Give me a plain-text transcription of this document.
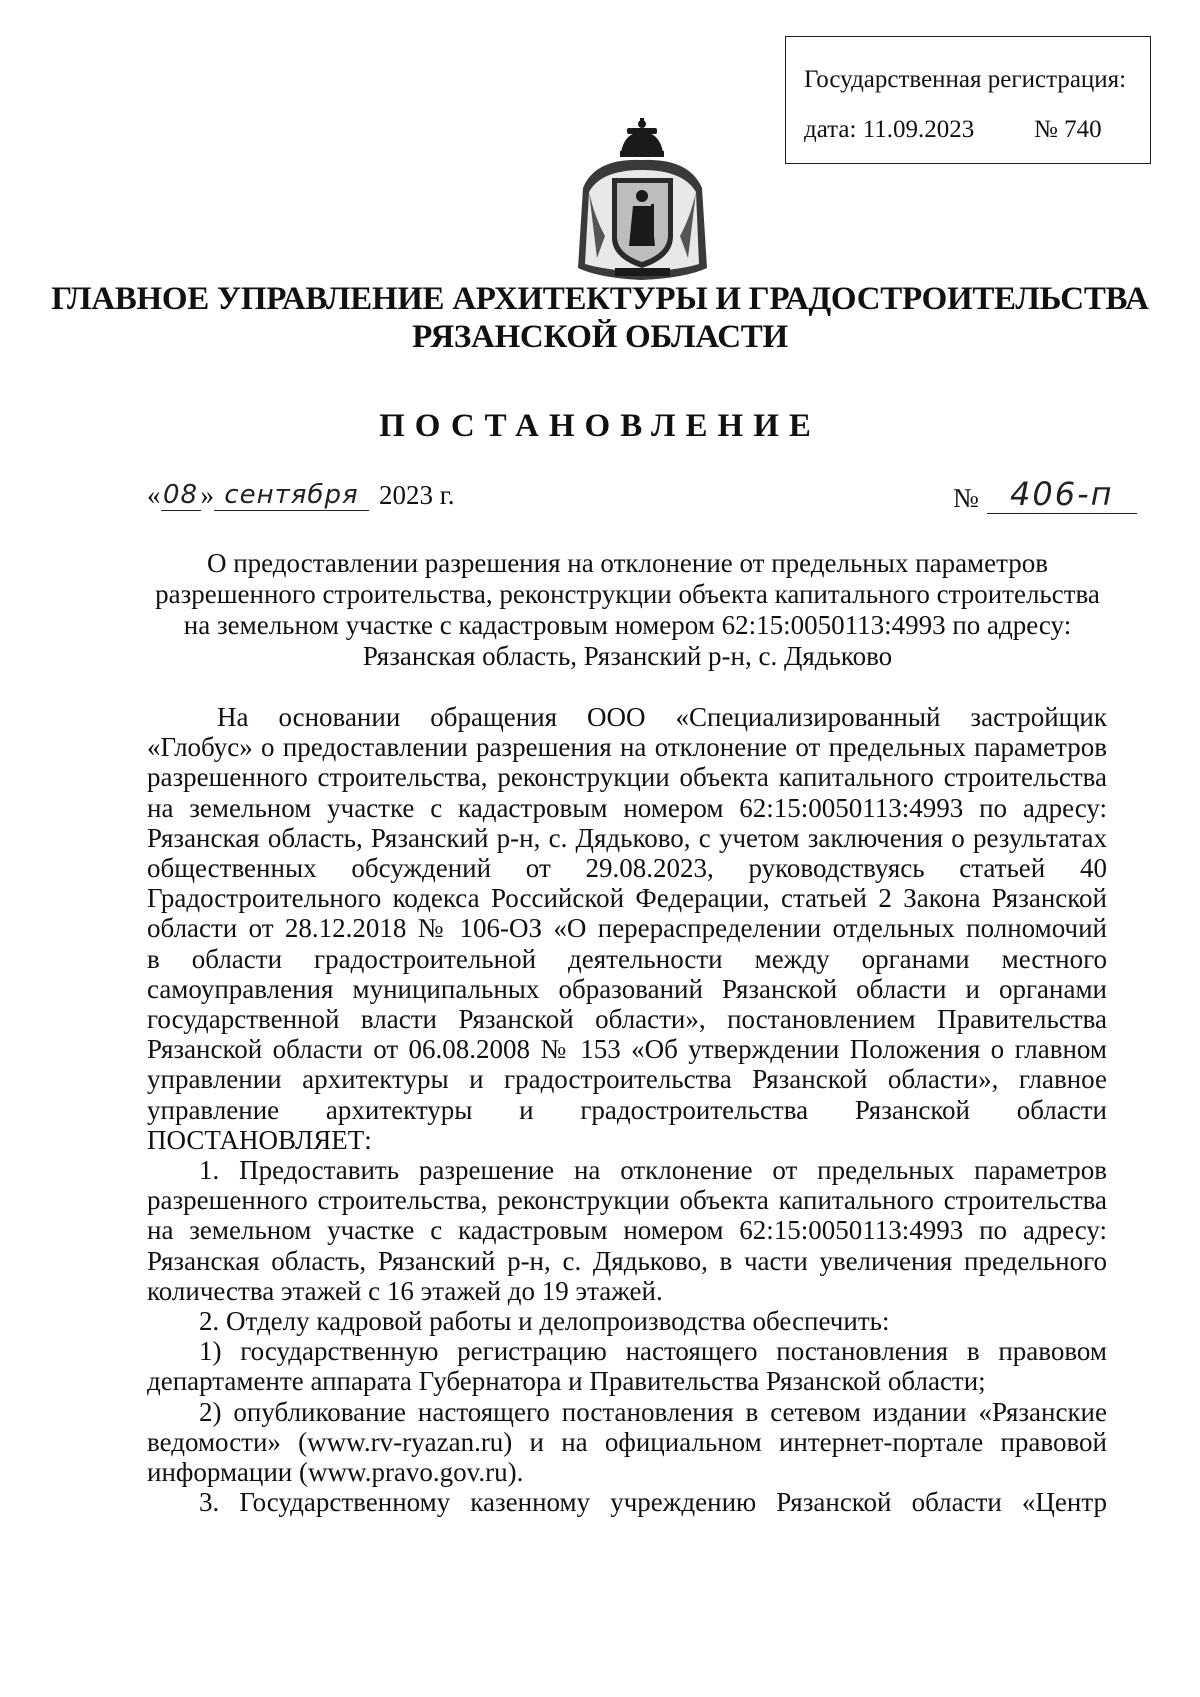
Государственная регистрация:
дата: 11.09.2023 № 740
ГЛАВНОЕ УПРАВЛЕНИЕ АРХИТЕКТУРЫ И ГРАДОСТРОИТЕЛЬСТВА
РЯЗАНСКОЙ ОБЛАСТИ
ПОСТАНОВЛЕНИЕ
« 08 » сентября 2023 г.	№ 406-п
О предоставлении разрешения на отклонение от предельных параметров
разрешенного строительства, реконструкции объекта капитального строительства
на земельном участке с кадастровым номером 62:15:0050113:4993 по адресу:
Рязанская область, Рязанский р-н, с. Дядьково
На основании обращения ООО «Специализированный застройщик
«Глобус» о предоставлении разрешения на отклонение от предельных параметров
разрешенного строительства, реконструкции объекта капитального строительства
на земельном участке с кадастровым номером 62:15:0050113:4993 по адресу:
Рязанская область, Рязанский р-н, с. Дядьково, с учетом заключения о результатах
общественных обсуждений от 29.08.2023, руководствуясь статьей 40
Градостроительного кодекса Российской Федерации, статьей 2 Закона Рязанской
области от 28.12.2018 № 106-ОЗ «О перераспределении отдельных полномочий
в области градостроительной деятельности между органами местного
самоуправления муниципальных образований Рязанской области и органами
государственной власти Рязанской области», постановлением Правительства
Рязанской области от 06.08.2008 № 153 «Об утверждении Положения о главном
управлении архитектуры и градостроительства Рязанской области», главное
управление архитектуры и градостроительства Рязанской области
ПОСТАНОВЛЯЕТ:
1. Предоставить разрешение на отклонение от предельных параметров
разрешенного строительства, реконструкции объекта капитального строительства
на земельном участке с кадастровым номером 62:15:0050113:4993 по адресу:
Рязанская область, Рязанский р-н, с. Дядьково, в части увеличения предельного
количества этажей с 16 этажей до 19 этажей.
2. Отделу кадровой работы и делопроизводства обеспечить:
1) государственную регистрацию настоящего постановления в правовом
департаменте аппарата Губернатора и Правительства Рязанской области;
2) опубликование настоящего постановления в сетевом издании «Рязанские
ведомости» (www.rv-ryazan.ru) и на официальном интернет-портале правовой
информации (www.pravo.gov.ru).
3. Государственному казенному учреждению Рязанской области «Центр
